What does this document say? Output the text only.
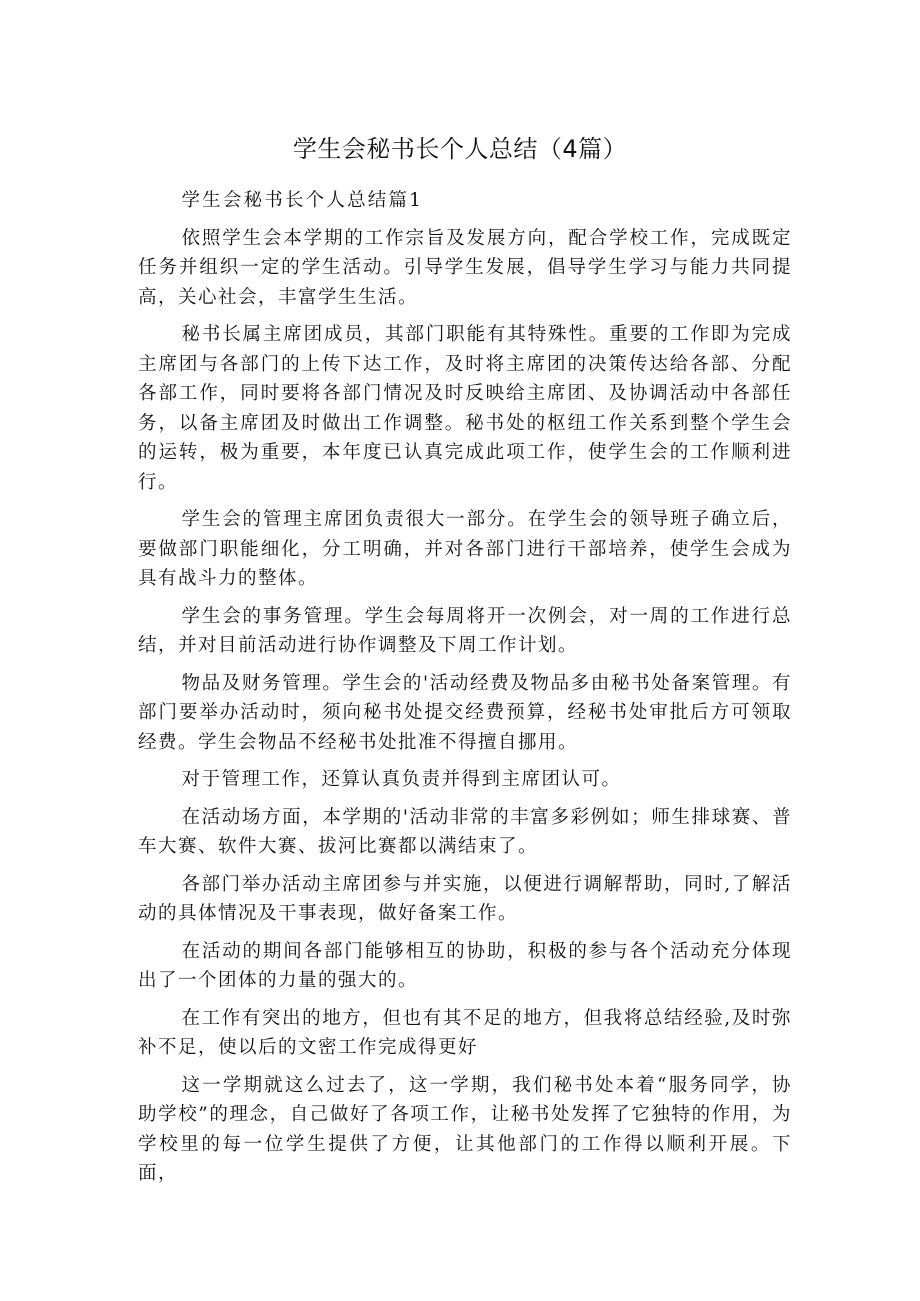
学生会秘书长个人总结（4篇）

学生会秘书长个人总结篇1

依照学生会本学期的工作宗旨及发展方向，配合学校工作，完成既定任务并组织一定的学生活动。引导学生发展，倡导学生学习与能力共同提高，关心社会，丰富学生生活。

秘书长属主席团成员，其部门职能有其特殊性。重要的工作即为完成主席团与各部门的上传下达工作，及时将主席团的决策传达给各部、分配各部工作，同时要将各部门情况及时反映给主席团、及协调活动中各部任务，以备主席团及时做出工作调整。秘书处的枢纽工作关系到整个学生会的运转，极为重要，本年度已认真完成此项工作，使学生会的工作顺利进行。

学生会的管理主席团负责很大一部分。在学生会的领导班子确立后，要做部门职能细化，分工明确，并对各部门进行干部培养，使学生会成为具有战斗力的整体。

学生会的事务管理。学生会每周将开一次例会，对一周的工作进行总结，并对目前活动进行协作调整及下周工作计划。

物品及财务管理。学生会的'活动经费及物品多由秘书处备案管理。有部门要举办活动时，须向秘书处提交经费预算，经秘书处审批后方可领取经费。学生会物品不经秘书处批准不得擅自挪用。

对于管理工作，还算认真负责并得到主席团认可。

在活动场方面，本学期的'活动非常的丰富多彩例如；师生排球赛、普车大赛、软件大赛、拔河比赛都以满结束了。

各部门举办活动主席团参与并实施，以便进行调解帮助，同时,了解活动的具体情况及干事表现，做好备案工作。

在活动的期间各部门能够相互的协助，积极的参与各个活动充分体现出了一个团体的力量的强大的。

在工作有突出的地方，但也有其不足的地方，但我将总结经验,及时弥补不足，使以后的文密工作完成得更好

这一学期就这么过去了，这一学期，我们秘书处本着“服务同学，协助学校”的理念，自己做好了各项工作，让秘书处发挥了它独特的作用，为学校里的每一位学生提供了方便，让其他部门的工作得以顺利开展。下面，
